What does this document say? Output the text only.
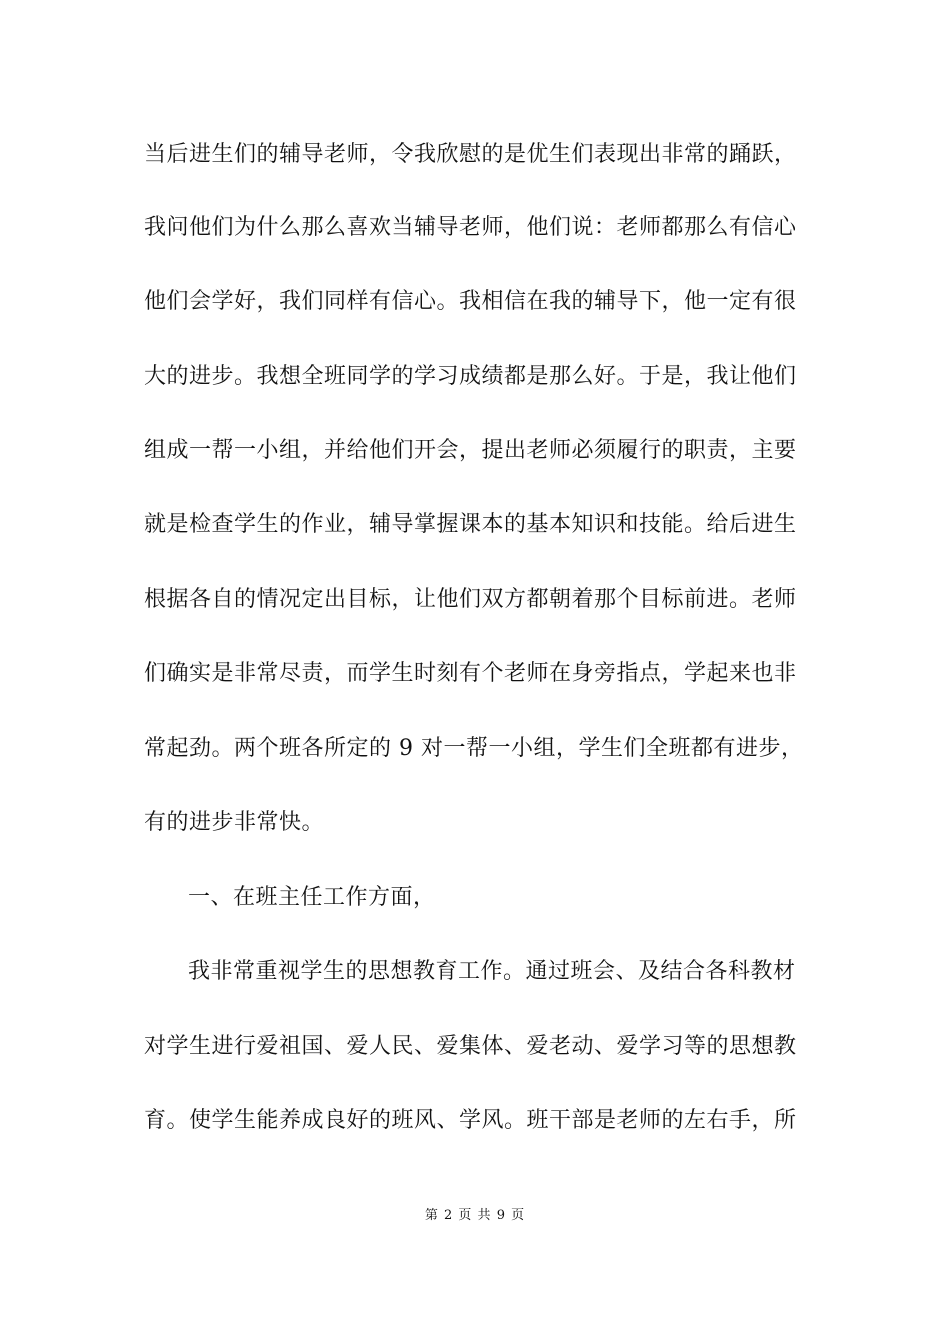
当后进生们的辅导老师，令我欣慰的是优生们表现出非常的踊跃，
我问他们为什么那么喜欢当辅导老师，他们说：老师都那么有信心
他们会学好，我们同样有信心。我相信在我的辅导下，他一定有很
大的进步。我想全班同学的学习成绩都是那么好。于是，我让他们
组成一帮一小组，并给他们开会，提出老师必须履行的职责，主要
就是检查学生的作业，辅导掌握课本的基本知识和技能。给后进生
根据各自的情况定出目标，让他们双方都朝着那个目标前进。老师
们确实是非常尽责，而学生时刻有个老师在身旁指点，学起来也非
常起劲。两个班各所定的 9 对一帮一小组，学生们全班都有进步，
有的进步非常快。
一、在班主任工作方面，
我非常重视学生的思想教育工作。通过班会、及结合各科教材
对学生进行爱祖国、爱人民、爱集体、爱老动、爱学习等的思想教
育。使学生能养成良好的班风、学风。班干部是老师的左右手，所
第 2 页 共 9 页
